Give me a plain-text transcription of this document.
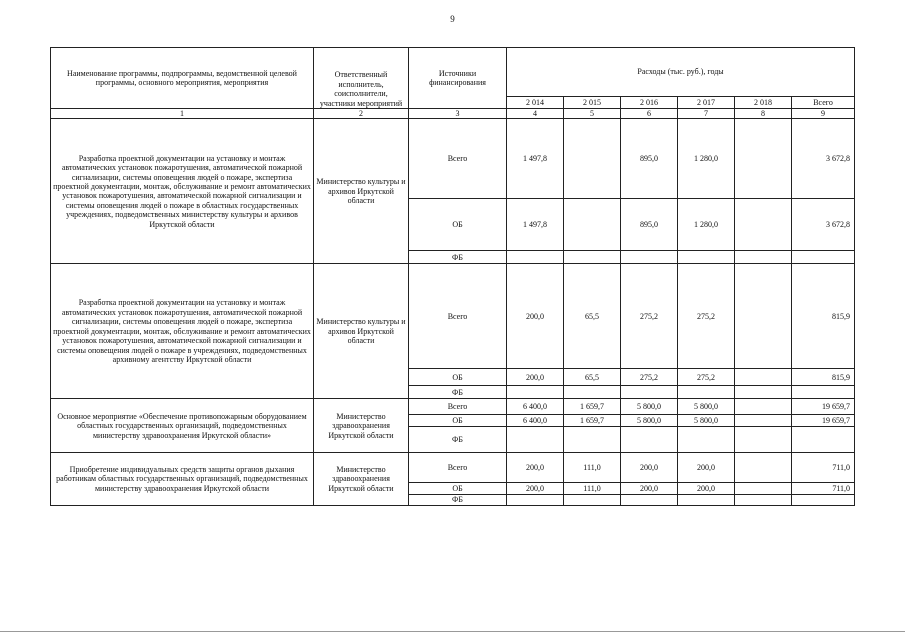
9
Наименование программы, подпрограммы, ведомственной целевой программы, основного мероприятия, мероприятия	Ответственный исполнитель, соисполнители, участники мероприятий	Источники финансирования	Расходы (тыс. руб.), годы					
			2 014	2 015	2 016	2 017	2 018	Всего
1	2	3	4	5	6	7	8	9
Разработка проектной документации на установку и монтаж автоматических установок пожаротушения, автоматической пожарной сигнализации, системы оповещения людей о пожаре, экспертиза проектной документации, монтаж, обслуживание и ремонт автоматических установок пожаротушения, автоматической пожарной сигнализации и системы оповещения людей о пожаре в областных государственных учреждениях, подведомственных министерству культуры и архивов Иркутской области	Министерство культуры и архивов Иркутской области	Всего	1 497,8		895,0	1 280,0		3 672,8
		ОБ	1 497,8		895,0	1 280,0		3 672,8
		ФБ						
Разработка проектной документации на установку и монтаж автоматических установок пожаротушения, автоматической пожарной сигнализации, системы оповещения людей о пожаре, экспертиза проектной документации, монтаж, обслуживание и ремонт автоматических установок пожаротушения, автоматической пожарной сигнализации и системы оповещения людей о пожаре в учреждениях, подведомственных архивному агентству Иркутской области	Министерство культуры и архивов Иркутской области	Всего	200,0	65,5	275,2	275,2		815,9
		ОБ	200,0	65,5	275,2	275,2		815,9
		ФБ						
Основное мероприятие «Обеспечение противопожарным оборудованием областных государственных организаций, подведомственных министерству здравоохранения Иркутской области»	Министерство здравоохранения Иркутской области	Всего	6 400,0	1 659,7	5 800,0	5 800,0		19 659,7
		ОБ	6 400,0	1 659,7	5 800,0	5 800,0		19 659,7
		ФБ						
Приобретение индивидуальных средств защиты органов дыхания работникам областных государственных организаций, подведомственных министерству здравоохранения Иркутской области	Министерство здравоохранения Иркутской области	Всего	200,0	111,0	200,0	200,0		711,0
		ОБ	200,0	111,0	200,0	200,0		711,0
		ФБ						
